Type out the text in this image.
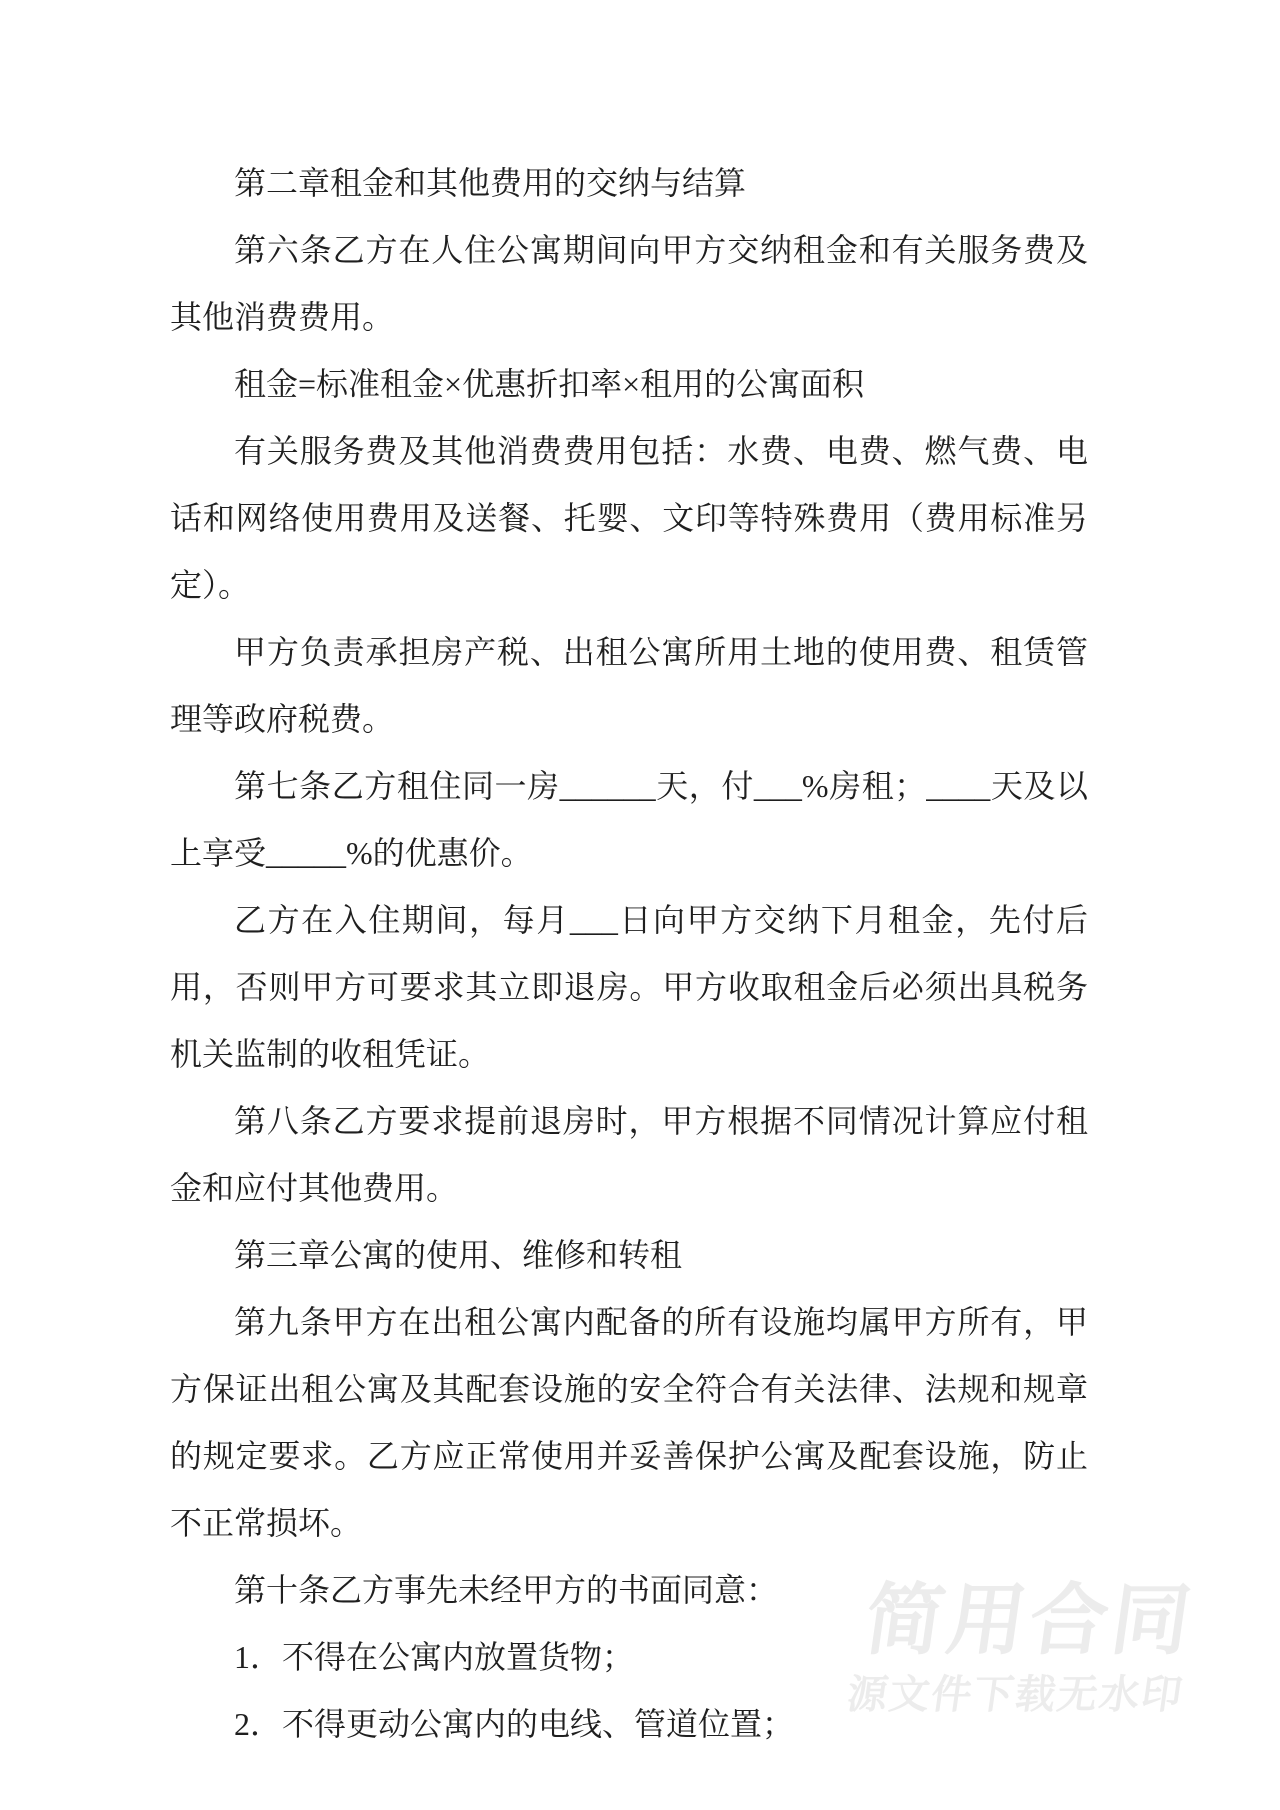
简用合同
源文件下载无水印

第二章租金和其他费用的交纳与结算

第六条乙方在人住公寓期间向甲方交纳租金和有关服务费及其他消费费用。

租金=标准租金×优惠折扣率×租用的公寓面积

有关服务费及其他消费费用包括：水费、电费、燃气费、电话和网络使用费用及送餐、托婴、文印等特殊费用（费用标准另定）。

甲方负责承担房产税、出租公寓所用土地的使用费、租赁管理等政府税费。

第七条乙方租住同一房______天，付___%房租；____天及以上享受_____%的优惠价。

乙方在入住期间，每月___日向甲方交纳下月租金，先付后用，否则甲方可要求其立即退房。甲方收取租金后必须出具税务机关监制的收租凭证。

第八条乙方要求提前退房时，甲方根据不同情况计算应付租金和应付其他费用。

第三章公寓的使用、维修和转租

第九条甲方在出租公寓内配备的所有设施均属甲方所有，甲方保证出租公寓及其配套设施的安全符合有关法律、法规和规章的规定要求。乙方应正常使用并妥善保护公寓及配套设施，防止不正常损坏。

第十条乙方事先未经甲方的书面同意：

1．不得在公寓内放置货物；

2．不得更动公寓内的电线、管道位置；
